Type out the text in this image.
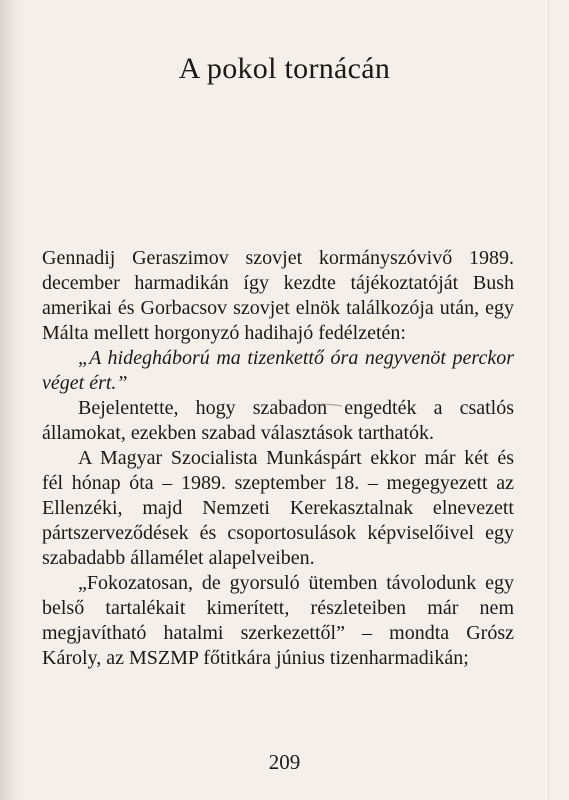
A pokol tornácán

Gennadij Geraszimov szovjet kormányszóvivő 1989. december harmadikán így kezdte tájékoztatóját Bush amerikai és Gorbacsov szovjet elnök találkozója után, egy Málta mellett horgonyzó hadihajó fedélzetén:

„A hidegháború ma tizenkettő óra negyvenöt perckor véget ért.”

Bejelentette, hogy szabadon engedték a csatlós államokat, ezekben szabad választások tarthatók.

A Magyar Szocialista Munkáspárt ekkor már két és fél hónap óta – 1989. szeptember 18. – megegyezett az Ellenzéki, majd Nemzeti Kerekasztalnak elnevezett pártszerveződések és csoportosulások képviselőivel egy szabadabb államélet alapelveiben.

„Fokozatosan, de gyorsuló ütemben távolodunk egy belső tartalékait kimerített, részleteiben már nem megjavítható hatalmi szerkezettől” – mondta Grósz Károly, az MSZMP főtitkára június tizenharmadikán;

209
